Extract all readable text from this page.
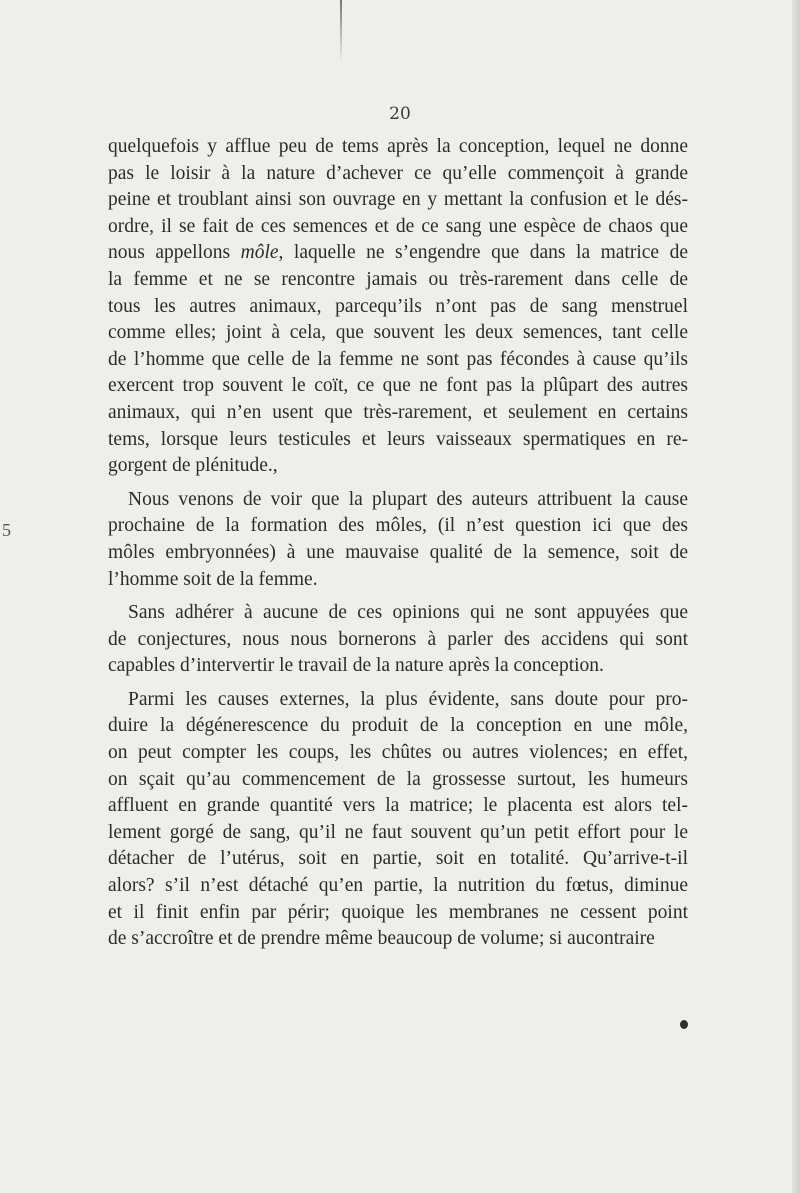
20
5
quelquefois y afflue peu de tems après la conception, lequel ne donne
pas le loisir à la nature d’achever ce qu’elle commençoit à grande
peine et troublant ainsi son ouvrage en y mettant la confusion et le dés-
ordre, il se fait de ces semences et de ce sang une espèce de chaos que
nous appellons môle, laquelle ne s’engendre que dans la matrice de
la femme et ne se rencontre jamais ou très-rarement dans celle de
tous les autres animaux, parcequ’ils n’ont pas de sang menstruel
comme elles; joint à cela, que souvent les deux semences, tant celle
de l’homme que celle de la femme ne sont pas fécondes à cause qu’ils
exercent trop souvent le coït, ce que ne font pas la plûpart des autres
animaux, qui n’en usent que très-rarement, et seulement en certains
tems, lorsque leurs testicules et leurs vaisseaux spermatiques en re-
gorgent de plénitude.,
Nous venons de voir que la plupart des auteurs attribuent la cause
prochaine de la formation des môles, (il n’est question ici que des
môles embryonnées) à une mauvaise qualité de la semence, soit de
l’homme soit de la femme.
Sans adhérer à aucune de ces opinions qui ne sont appuyées que
de conjectures, nous nous bornerons à parler des accidens qui sont
capables d’intervertir le travail de la nature après la conception.
Parmi les causes externes, la plus évidente, sans doute pour pro-
duire la dégénerescence du produit de la conception en une môle,
on peut compter les coups, les chûtes ou autres violences; en effet,
on sçait qu’au commencement de la grossesse surtout, les humeurs
affluent en grande quantité vers la matrice; le placenta est alors tel-
lement gorgé de sang, qu’il ne faut souvent qu’un petit effort pour le
détacher de l’utérus, soit en partie, soit en totalité. Qu’arrive-t-il
alors? s’il n’est détaché qu’en partie, la nutrition du fœtus, diminue
et il finit enfin par périr; quoique les membranes ne cessent point
de s’accroître et de prendre même beaucoup de volume; si aucontraire
